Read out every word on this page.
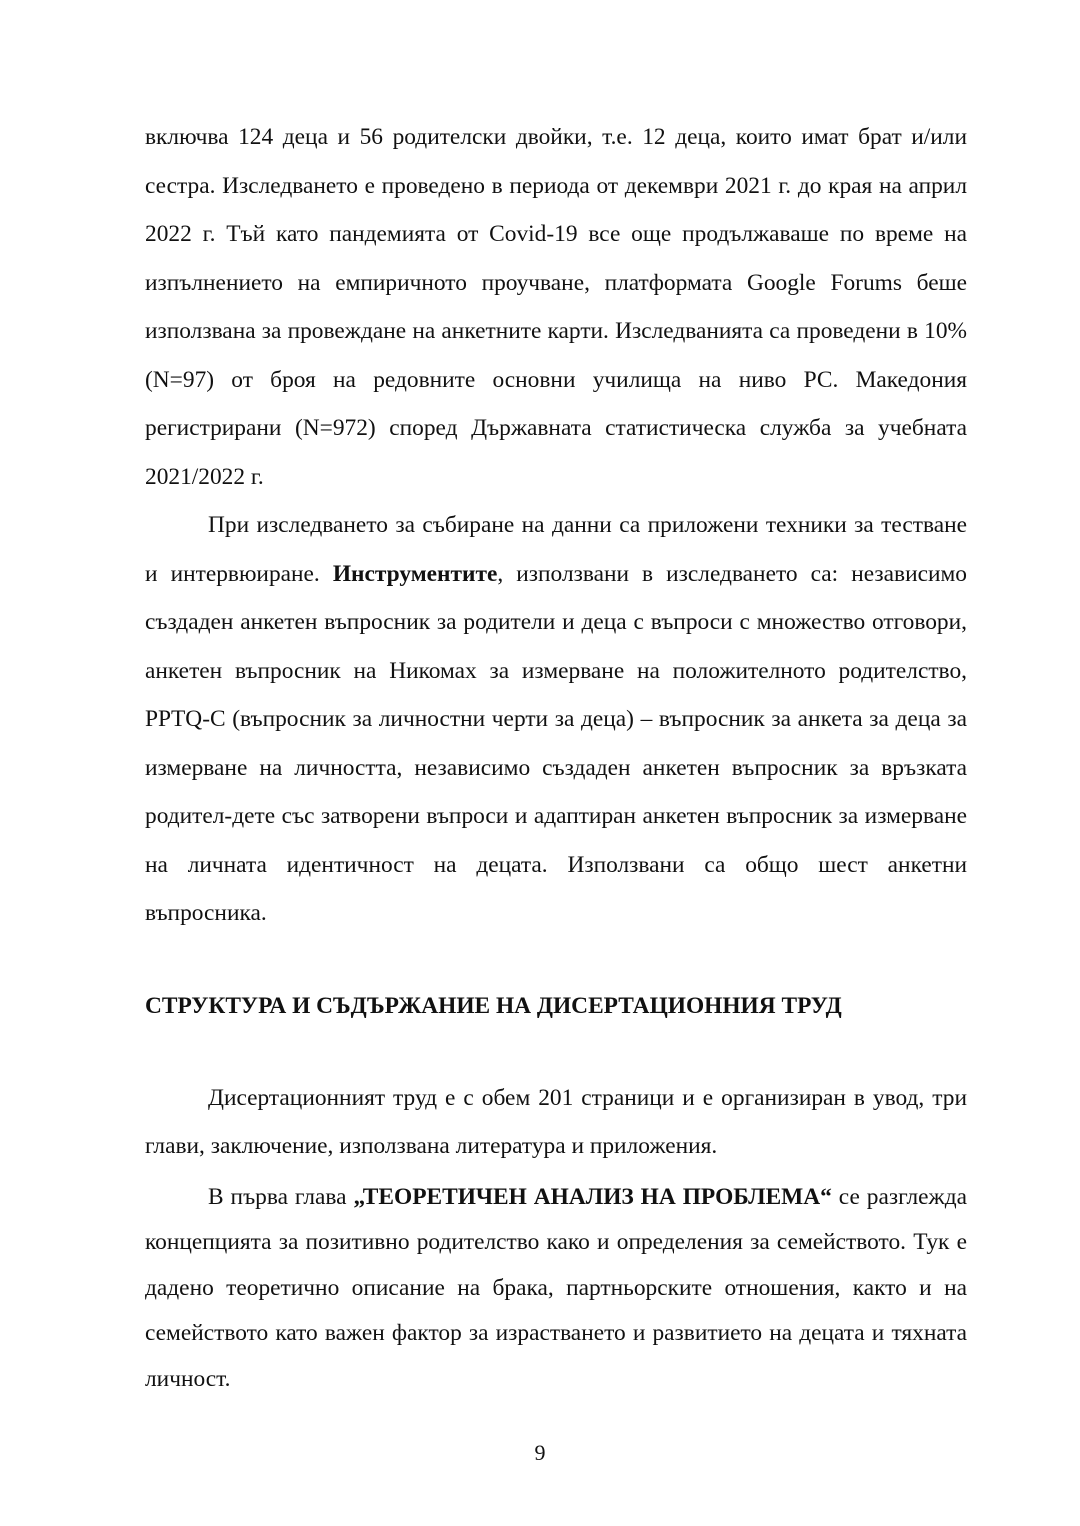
включва 124 деца и 56 родителски двойки, т.е. 12 деца, които имат брат и/или сестра. Изследването е проведено в периода от декември 2021 г. до края на април 2022 г. Тъй като пандемията от Covid-19 все още продължаваше по време на изпълнението на емпиричното проучване, платформата Google Forums беше използвана за провеждане на анкетните карти. Изследванията са проведени в 10% (N=97) от броя на редовните основни училища на ниво РС. Македония регистрирани (N=972) според Държавната статистическа служба за учебната 2021/2022 г.

При изследването за събиране на данни са приложени техники за тестване и интервюиране. Инструментите, използвани в изследването са: независимо създаден анкетен въпросник за родители и деца с въпроси с множество отговори, анкетен въпросник на Никомах за измерване на положителното родителство, PPTQ-C (въпросник за личностни черти за деца) – въпросник за анкета за деца за измерване на личността, независимо създаден анкетен въпросник за връзката родител-дете със затворени въпроси и адаптиран анкетен въпросник за измерване на личната идентичност на децата. Използвани са общо шест анкетни въпросника.

СТРУКТУРА И СЪДЪРЖАНИЕ НА ДИСЕРТАЦИОННИЯ ТРУД

Дисертационният труд е с обем 201 страници и е организиран в увод, три глави, заключение, използвана литература и приложения.

В първа глава „ТЕОРЕТИЧЕН АНАЛИЗ НА ПРОБЛЕМА“ се разглежда концепцията за позитивно родителство како и определения за семейството. Тук е дадено теоретично описание на брака, партньорските отношения, както и на семейството като важен фактор за израстването и развитието на децата и тяхната личност.

9
